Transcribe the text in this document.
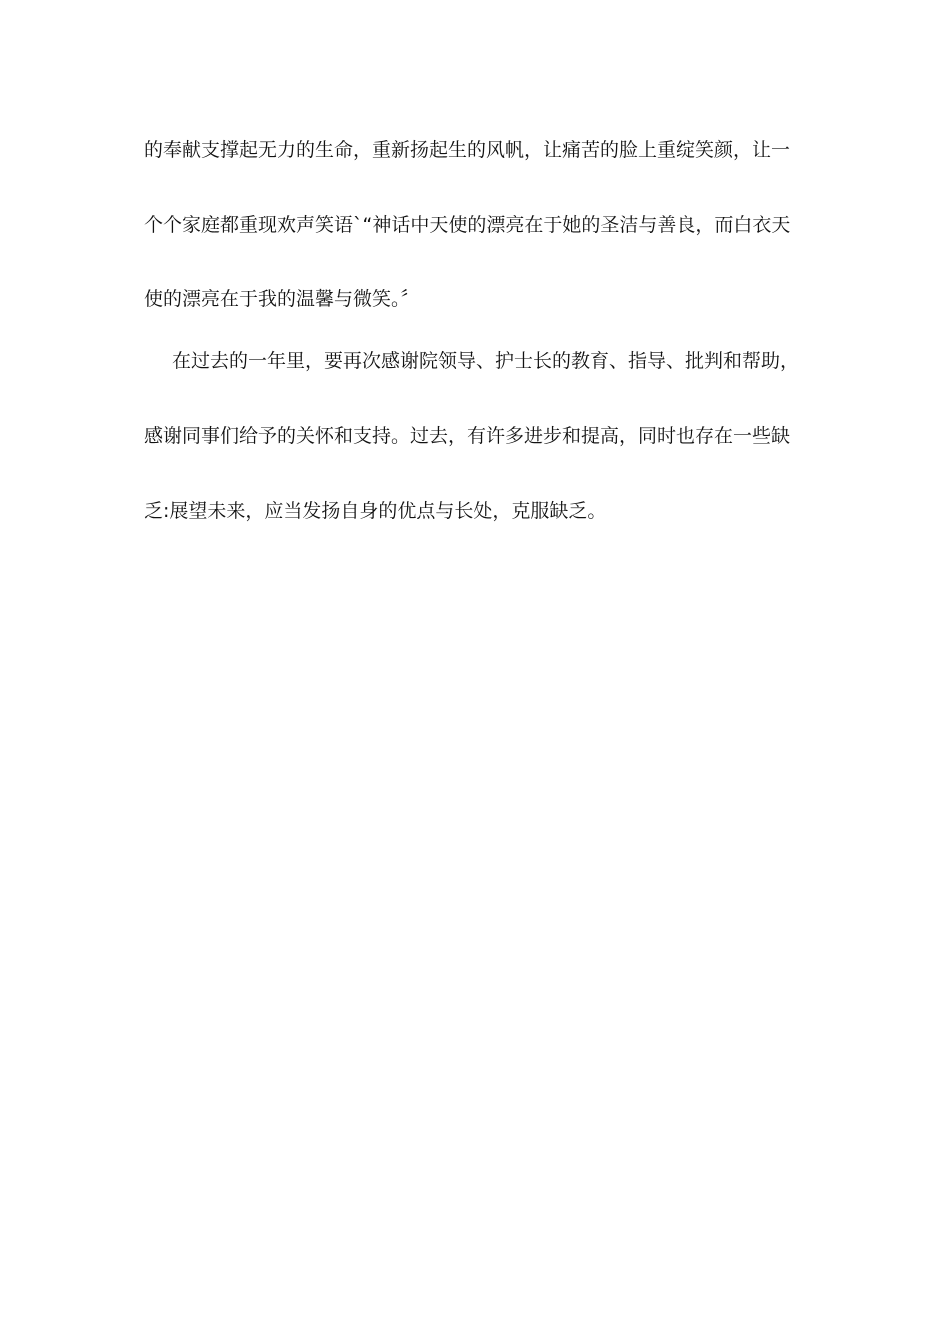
的奉献支撑起无力的生命，重新扬起生的风帆，让痛苦的脸上重绽笑颜，让一

个个家庭都重现欢声笑语ˋ“神话中天使的漂亮在于她的圣洁与善良，而白衣天

使的漂亮在于我的温馨与微笑。〞

在过去的一年里，要再次感谢院领导、护士长的教育、指导、批判和帮助，

感谢同事们给予的关怀和支持。过去，有许多进步和提高，同时也存在一些缺

乏:展望未来，应当发扬自身的优点与长处，克服缺乏。
